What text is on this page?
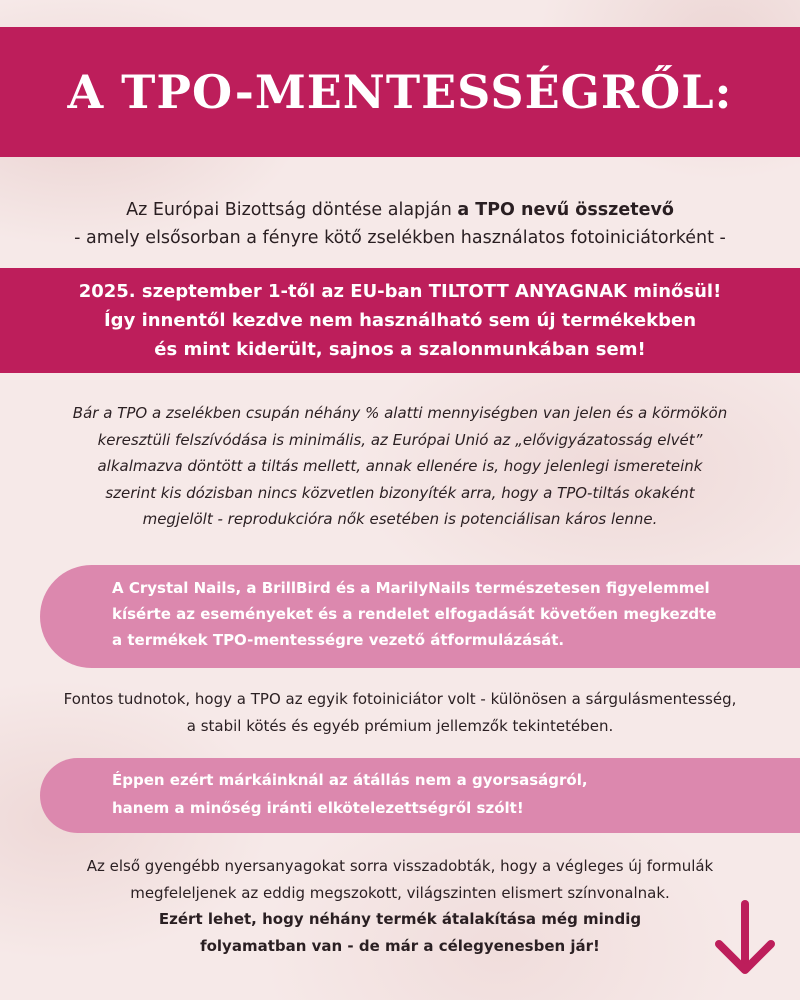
A TPO-MENTESSÉGRŐL:
Az Európai Bizottság döntése alapján a TPO nevű összetevő
- amely elsősorban a fényre kötő zselékben használatos fotoiniciátorként -
2025. szeptember 1-től az EU-ban TILTOTT ANYAGNAK minősül!
Így innentől kezdve nem használható sem új termékekben
és mint kiderült, sajnos a szalonmunkában sem!
Bár a TPO a zselékben csupán néhány % alatti mennyiségben van jelen és a körmökön
keresztüli felszívódása is minimális, az Európai Unió az „elővigyázatosság elvét”
alkalmazva döntött a tiltás mellett, annak ellenére is, hogy jelenlegi ismereteink
szerint kis dózisban nincs közvetlen bizonyíték arra, hogy a TPO-tiltás okaként
megjelölt - reprodukcióra nők esetében is potenciálisan káros lenne.
A Crystal Nails, a BrillBird és a MarilyNails természetesen figyelemmel
kísérte az eseményeket és a rendelet elfogadását követően megkezdte
a termékek TPO-mentességre vezető átformulázását.
Fontos tudnotok, hogy a TPO az egyik fotoiniciátor volt - különösen a sárgulásmentesség,
a stabil kötés és egyéb prémium jellemzők tekintetében.
Éppen ezért márkáinknál az átállás nem a gyorsaságról,
hanem a minőség iránti elkötelezettségről szólt!
Az első gyengébb nyersanyagokat sorra visszadobták, hogy a végleges új formulák
megfeleljenek az eddig megszokott, világszinten elismert színvonalnak.
Ezért lehet, hogy néhány termék átalakítása még mindig
folyamatban van - de már a célegyenesben jár!
